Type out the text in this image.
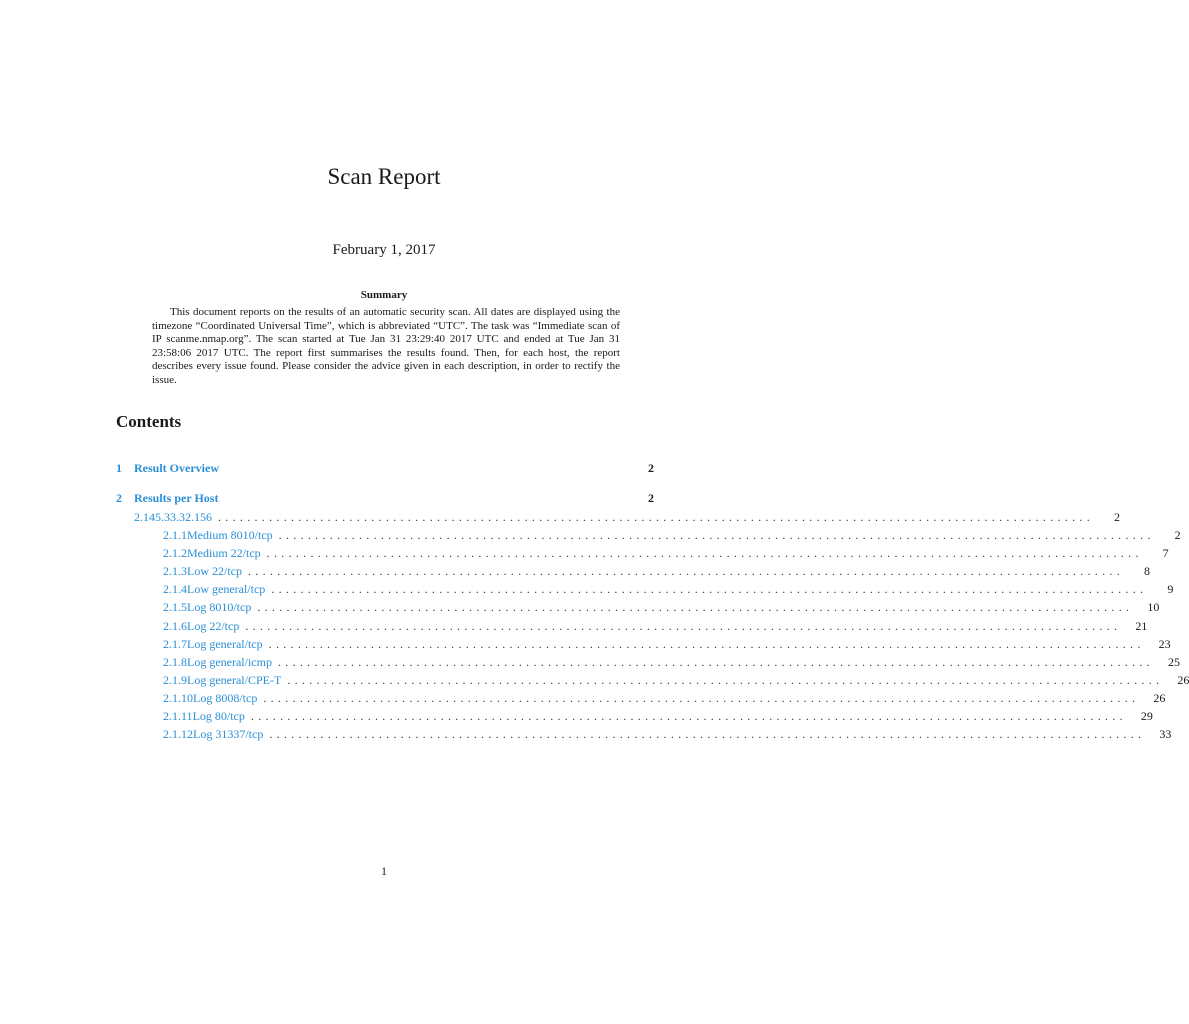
Scan Report
February 1, 2017
Summary
This document reports on the results of an automatic security scan. All dates are displayed using the timezone “Coordinated Universal Time”, which is abbreviated “UTC”. The task was “Immediate scan of IP scanme.nmap.org”. The scan started at Tue Jan 31 23:29:40 2017 UTC and ended at Tue Jan 31 23:58:06 2017 UTC. The report first summarises the results found. Then, for each host, the report describes every issue found. Please consider the advice given in each description, in order to rectify the issue.
Contents
1	Result Overview	2
2	Results per Host	2
2.1 45.33.32.156 ........................................................................................................................	2
2.1.1 Medium 8010/tcp ........................................................................................................................	2
2.1.2 Medium 22/tcp ........................................................................................................................	7
2.1.3 Low 22/tcp ........................................................................................................................	8
2.1.4 Low general/tcp ........................................................................................................................	9
2.1.5 Log 8010/tcp ........................................................................................................................	10
2.1.6 Log 22/tcp ........................................................................................................................	21
2.1.7 Log general/tcp ........................................................................................................................	23
2.1.8 Log general/icmp ........................................................................................................................	25
2.1.9 Log general/CPE-T ........................................................................................................................	26
2.1.10 Log 8008/tcp ........................................................................................................................	26
2.1.11 Log 80/tcp ........................................................................................................................	29
2.1.12 Log 31337/tcp ........................................................................................................................	33
1
